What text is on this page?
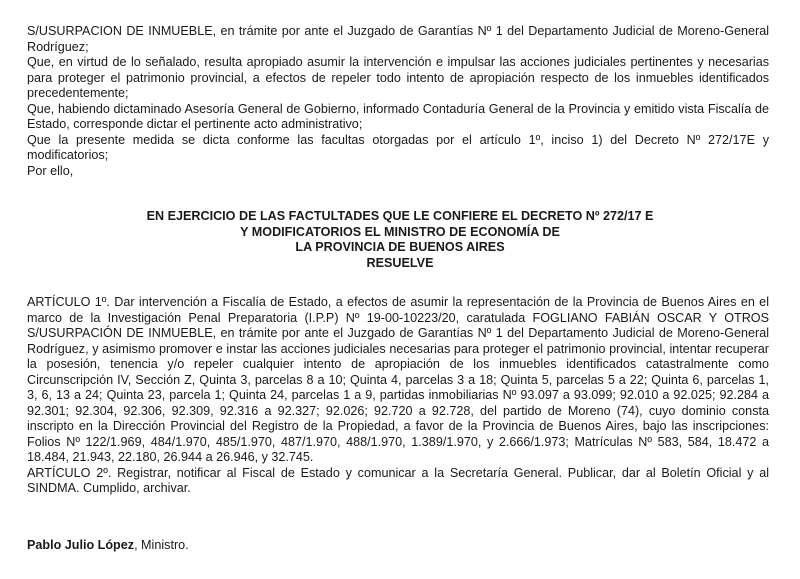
S/USURPACION DE INMUEBLE, en trámite por ante el Juzgado de Garantías Nº 1 del Departamento Judicial de Moreno-General Rodríguez;

Que, en virtud de lo señalado, resulta apropiado asumir la intervención e impulsar las acciones judiciales pertinentes y necesarias para proteger el patrimonio provincial, a efectos de repeler todo intento de apropiación respecto de los inmuebles identificados precedentemente;

Que, habiendo dictaminado Asesoría General de Gobierno, informado Contaduría General de la Provincia y emitido vista Fiscalía de Estado, corresponde dictar el pertinente acto administrativo;

Que la presente medida se dicta conforme las facultas otorgadas por el artículo 1º, inciso 1) del Decreto Nº 272/17E y modificatorios;

Por ello,

EN EJERCICIO DE LAS FACTULTADES QUE LE CONFIERE EL DECRETO Nº 272/17 E
Y MODIFICATORIOS EL MINISTRO DE ECONOMÍA DE
LA PROVINCIA DE BUENOS AIRES
RESUELVE

ARTÍCULO 1º. Dar intervención a Fiscalía de Estado, a efectos de asumir la representación de la Provincia de Buenos Aires en el marco de la Investigación Penal Preparatoria (I.P.P) Nº 19-00-10223/20, caratulada FOGLIANO FABIÁN OSCAR Y OTROS S/USURPACIÓN DE INMUEBLE, en trámite por ante el Juzgado de Garantías Nº 1 del Departamento Judicial de Moreno-General Rodríguez, y asimismo promover e instar las acciones judiciales necesarias para proteger el patrimonio provincial, intentar recuperar la posesión, tenencia y/o repeler cualquier intento de apropiación de los inmuebles identificados catastralmente como Circunscripción IV, Sección Z, Quinta 3, parcelas 8 a 10; Quinta 4, parcelas 3 a 18; Quinta 5, parcelas 5 a 22; Quinta 6, parcelas 1, 3, 6, 13 a 24; Quinta 23, parcela 1; Quinta 24, parcelas 1 a 9, partidas inmobiliarias Nº 93.097 a 93.099; 92.010 a 92.025; 92.284 a 92.301; 92.304, 92.306, 92.309, 92.316 a 92.327; 92.026; 92.720 a 92.728, del partido de Moreno (74), cuyo dominio consta inscripto en la Dirección Provincial del Registro de la Propiedad, a favor de la Provincia de Buenos Aires, bajo las inscripciones: Folios Nº 122/1.969, 484/1.970, 485/1.970, 487/1.970, 488/1.970, 1.389/1.970, y 2.666/1.973; Matrículas Nº 583, 584, 18.472 a 18.484, 21.943, 22.180, 26.944 a 26.946, y 32.745.

ARTÍCULO 2º. Registrar, notificar al Fiscal de Estado y comunicar a la Secretaría General. Publicar, dar al Boletín Oficial y al SINDMA. Cumplido, archivar.

Pablo Julio López, Ministro.
